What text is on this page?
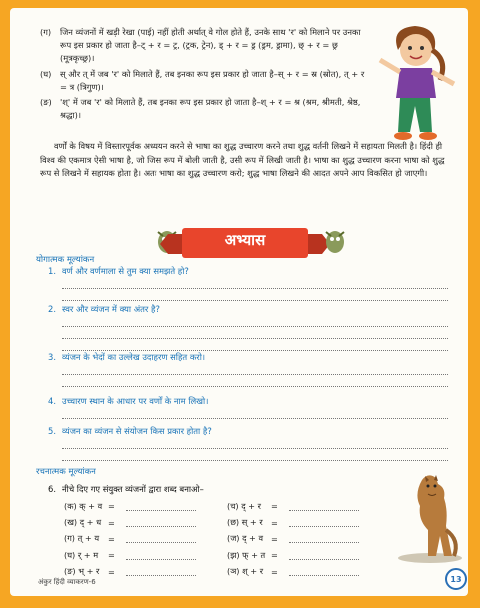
(ग) जिन व्यंजनों में खड़ी रेखा (पाई) नहीं होती अर्थात् वे गोल होते हैं, उनके साथ 'र' को मिलाने पर उनका रूप इस प्रकार हो जाता है–ट् + र = ट्र, (ट्रक, ट्रेन), ड् + र = ड्र (ड्रम, ड्रामा), छ् + र = छ्र (मूत्रकृच्छ्र)।
(घ) स् और त् में जब 'र' को मिलाते हैं, तब इनका रूप इस प्रकार हो जाता है–स् + र = स्र (स्रोत), त् + र = त्र (त्रिगुण)।
(ङ) 'श्' में जब 'र' को मिलाते हैं, तब इनका रूप इस प्रकार हो जाता है–श् + र = श्र (श्रम, श्रीमती, श्रेष्ठ, श्रद्धा)।
वर्णों के विषय में विस्तारपूर्वक अध्ययन करने से भाषा का शुद्ध उच्चारण करने तथा शुद्ध वर्तनी लिखने में सहायता मिलती है। हिंदी ही विश्व की एकमात्र ऐसी भाषा है, जो जिस रूप में बोली जाती है, उसी रूप में लिखी जाती है। भाषा का शुद्ध उच्चारण करना भाषा को शुद्ध रूप से लिखने में सहायक होता है। अतः भाषा का शुद्ध उच्चारण करो; शुद्ध भाषा लिखने की आदत अपने आप विकसित हो जाएगी।
अभ्यास
योगात्मक मूल्यांकन
1. वर्ण और वर्णमाला से तुम क्या समझते हो?
2. स्वर और व्यंजन में क्या अंतर है?
3. व्यंजन के भेदों का उल्लेख उदाहरण सहित करो।
4. उच्चारण स्थान के आधार पर वर्णों के नाम लिखो।
5. व्यंजन का व्यंजन से संयोजन किस प्रकार होता है?
रचनात्मक मूल्यांकन
6. नीचे दिए गए संयुक्त व्यंजनों द्वारा शब्द बनाओ–
(क) क् + व =	(च) द् + र	=
(ख) द् + ध =	(छ) स् + र	=
(ग) त् + य	=	(ज) द् + व =
(घ) र् + म	=	(झ) फ् + त =
(ङ) भ् + र	=	(ञ) श् + र =
अंकुर हिंदी व्याकरण-6	13
